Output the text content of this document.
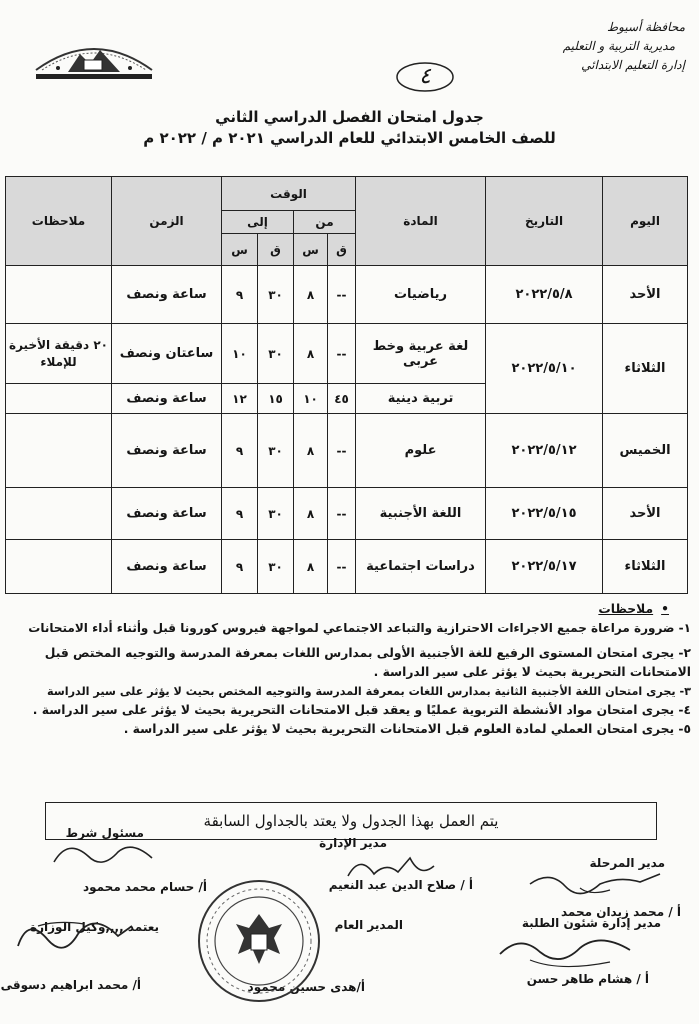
محافظة أسيوط
مديرية التربية و التعليم
إدارة التعليم الابتدائي
٤
جدول امتحان الفصل الدراسي الثاني
للصف الخامس الابتدائي للعام الدراسي ٢٠٢١ م / ٢٠٢٢ م
اليوم	التاريخ	المادة	الوقت				الزمن	ملاحظات
			من		إلى			
			ق	س	ق	س		
الأحد	٢٠٢٢/٥/٨	رياضيات	--	٨	٣٠	٩	ساعة ونصف	
الثلاثاء	٢٠٢٢/٥/١٠	لغة عربية وخط عربى	--	٨	٣٠	١٠	ساعتان ونصف	٢٠ دقيقة الأخيرة للإملاء
		تربية دينية	٤٥	١٠	١٥	١٢	ساعة ونصف	
الخميس	٢٠٢٢/٥/١٢	علوم	--	٨	٣٠	٩	ساعة ونصف	
الأحد	٢٠٢٢/٥/١٥	اللغة الأجنبية	--	٨	٣٠	٩	ساعة ونصف	
الثلاثاء	٢٠٢٢/٥/١٧	دراسات اجتماعية	--	٨	٣٠	٩	ساعة ونصف	
• ملاحظات
١- ضرورة مراعاة جميع الاجراءات الاحترازية والتباعد الاجتماعي لمواجهة فيروس كورونا قبل وأثناء أداء الامتحانات
٢- يجرى امتحان المستوى الرفيع للغة الأجنبية الأولى بمدارس اللغات بمعرفة المدرسة والتوجيه المختص قبل
الامتحانات التحريرية بحيث لا يؤثر على سير الدراسة .
٣- يجرى امتحان اللغة الأجنبية الثانية بمدارس اللغات بمعرفة المدرسة والتوجيه المختص بحيث لا يؤثر على سير الدراسة
٤- يجرى امتحان مواد الأنشطة التربوية عمليًا و يعقد قبل الامتحانات التحريرية بحيث لا يؤثر على سير الدراسة .
٥- يجرى امتحان العملي لمادة العلوم قبل الامتحانات التحريرية بحيث لا يؤثر على سير الدراسة .
يتم العمل بهذا الجدول ولا يعتد بالجداول السابقة
مدير المرحلة
أ / محمد زيدان محمد
مدير الإدارة
أ / صلاح الدين عبد النعيم
مسئول شرط
أ/ حسام محمد محمود
مدير إدارة شئون الطلبة
أ / هشام طاهر حسن
المدير العام
أ/هدى حسين محمود
يعتمد ,,,,وكيل الوزارة
أ/ محمد ابراهيم دسوقى
